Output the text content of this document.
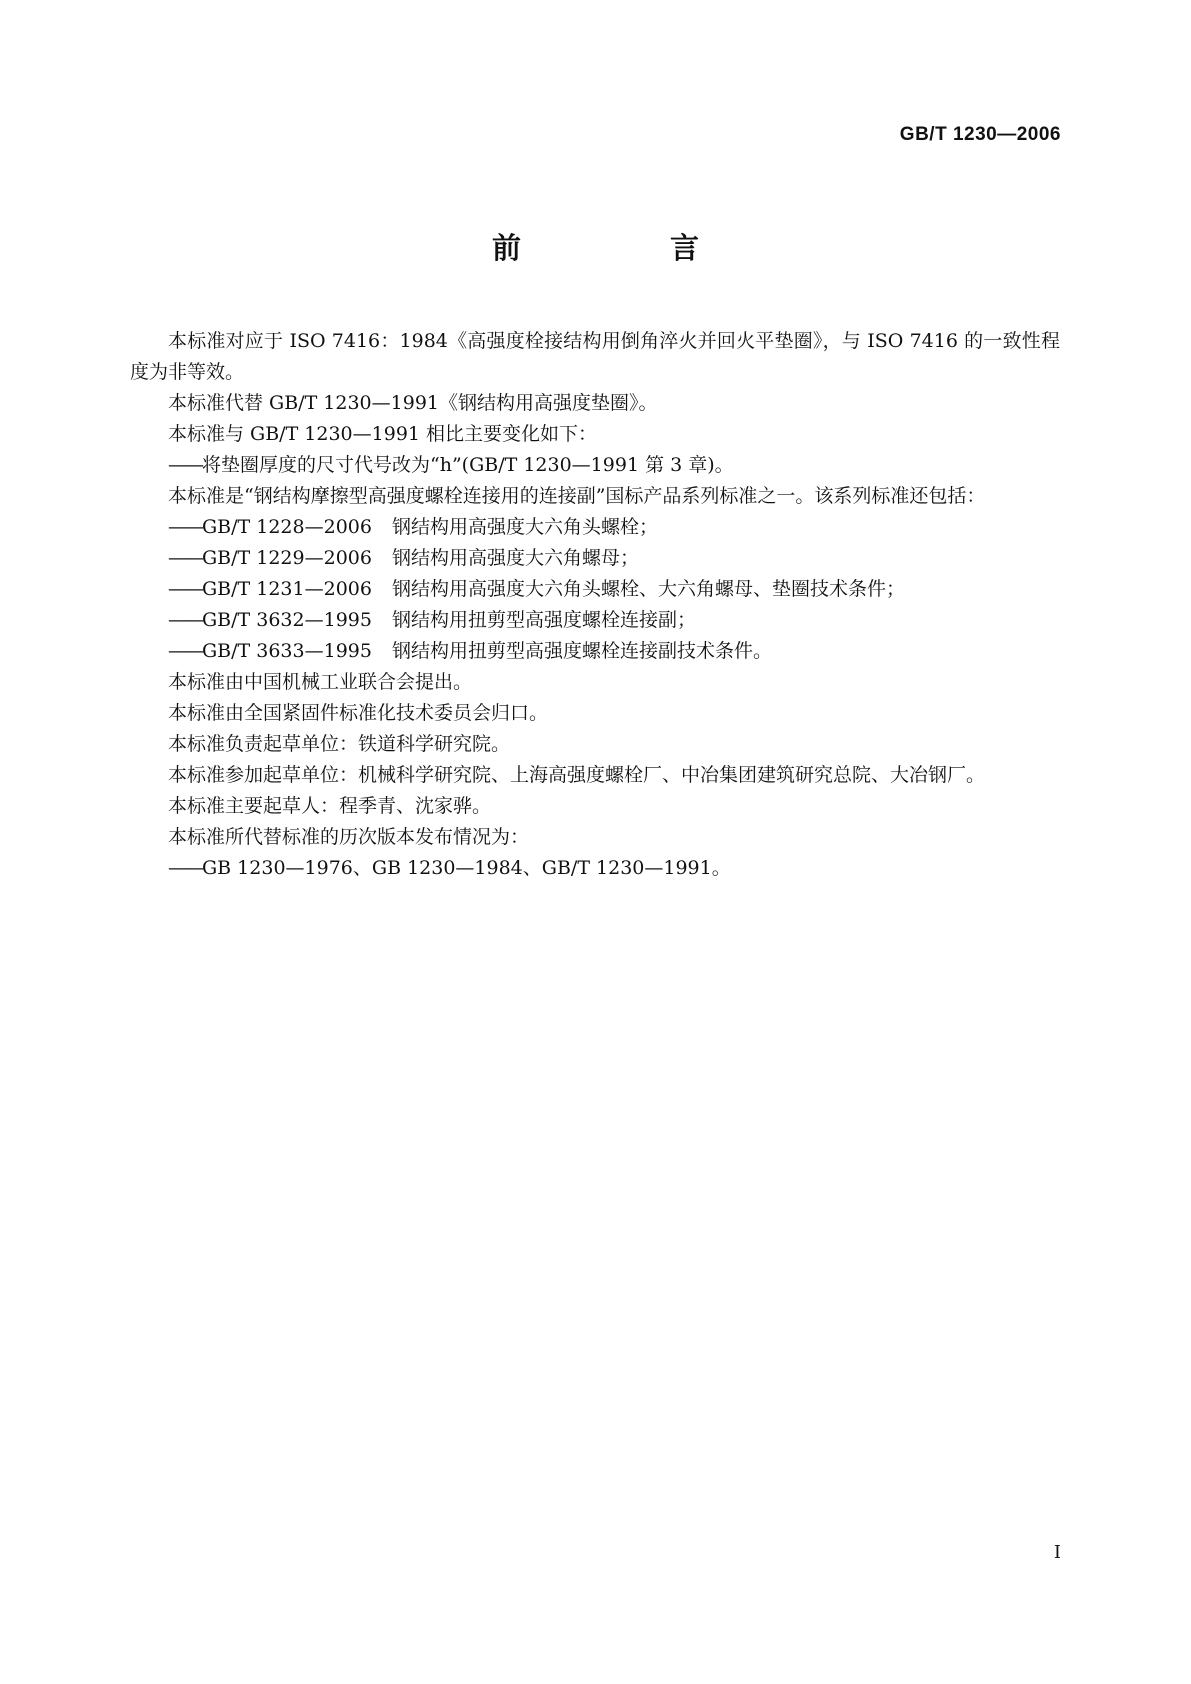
GB/T 1230—2006
前　言

本标准对应于 ISO 7416：1984《高强度栓接结构用倒角淬火并回火平垫圈》，与 ISO 7416 的一致性程度为非等效。

本标准代替 GB/T 1230—1991《钢结构用高强度垫圈》。

本标准与 GB/T 1230—1991 相比主要变化如下：

——将垫圈厚度的尺寸代号改为“h”(GB/T 1230—1991 第 3 章)。

本标准是“钢结构摩擦型高强度螺栓连接用的连接副”国标产品系列标准之一。该系列标准还包括：

——GB/T 1228—2006 钢结构用高强度大六角头螺栓；

——GB/T 1229—2006 钢结构用高强度大六角螺母；

——GB/T 1231—2006 钢结构用高强度大六角头螺栓、大六角螺母、垫圈技术条件；

——GB/T 3632—1995 钢结构用扭剪型高强度螺栓连接副；

——GB/T 3633—1995 钢结构用扭剪型高强度螺栓连接副技术条件。

本标准由中国机械工业联合会提出。

本标准由全国紧固件标准化技术委员会归口。

本标准负责起草单位：铁道科学研究院。

本标准参加起草单位：机械科学研究院、上海高强度螺栓厂、中冶集团建筑研究总院、大冶钢厂。

本标准主要起草人：程季青、沈家骅。

本标准所代替标准的历次版本发布情况为：

——GB 1230—1976、GB 1230—1984、GB/T 1230—1991。

I
